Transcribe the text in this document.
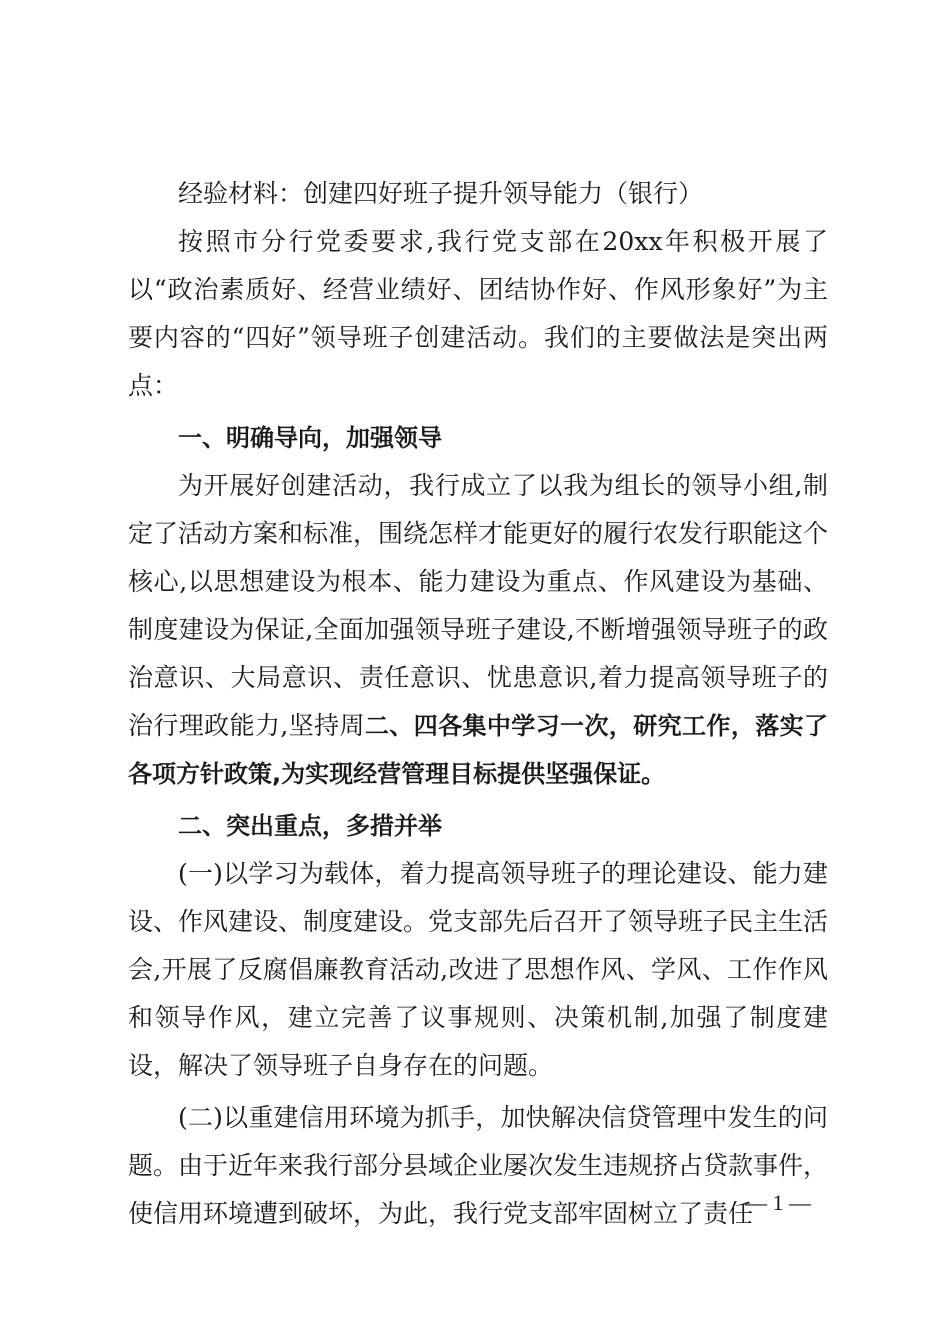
经验材料：创建四好班子提升领导能力（银行）

按照市分行党委要求,我行党支部在20xx年积极开展了以“政治素质好、经营业绩好、团结协作好、作风形象好”为主要内容的“四好”领导班子创建活动。我们的主要做法是突出两点：

一、明确导向，加强领导

为开展好创建活动，我行成立了以我为组长的领导小组,制定了活动方案和标准，围绕怎样才能更好的履行农发行职能这个核心,以思想建设为根本、能力建设为重点、作风建设为基础、制度建设为保证,全面加强领导班子建设,不断增强领导班子的政治意识、大局意识、责任意识、忧患意识,着力提高领导班子的治行理政能力,坚持周二、四各集中学习一次，研究工作，落实了各项方针政策,为实现经营管理目标提供坚强保证。

二、突出重点，多措并举

(一)以学习为载体，着力提高领导班子的理论建设、能力建设、作风建设、制度建设。党支部先后召开了领导班子民主生活会,开展了反腐倡廉教育活动,改进了思想作风、学风、工作作风和领导作风，建立完善了议事规则、决策机制,加强了制度建设，解决了领导班子自身存在的问题。

(二)以重建信用环境为抓手，加快解决信贷管理中发生的问题。由于近年来我行部分县域企业屡次发生违规挤占贷款事件，使信用环境遭到破坏，为此，我行党支部牢固树立了责任

— 1 —
